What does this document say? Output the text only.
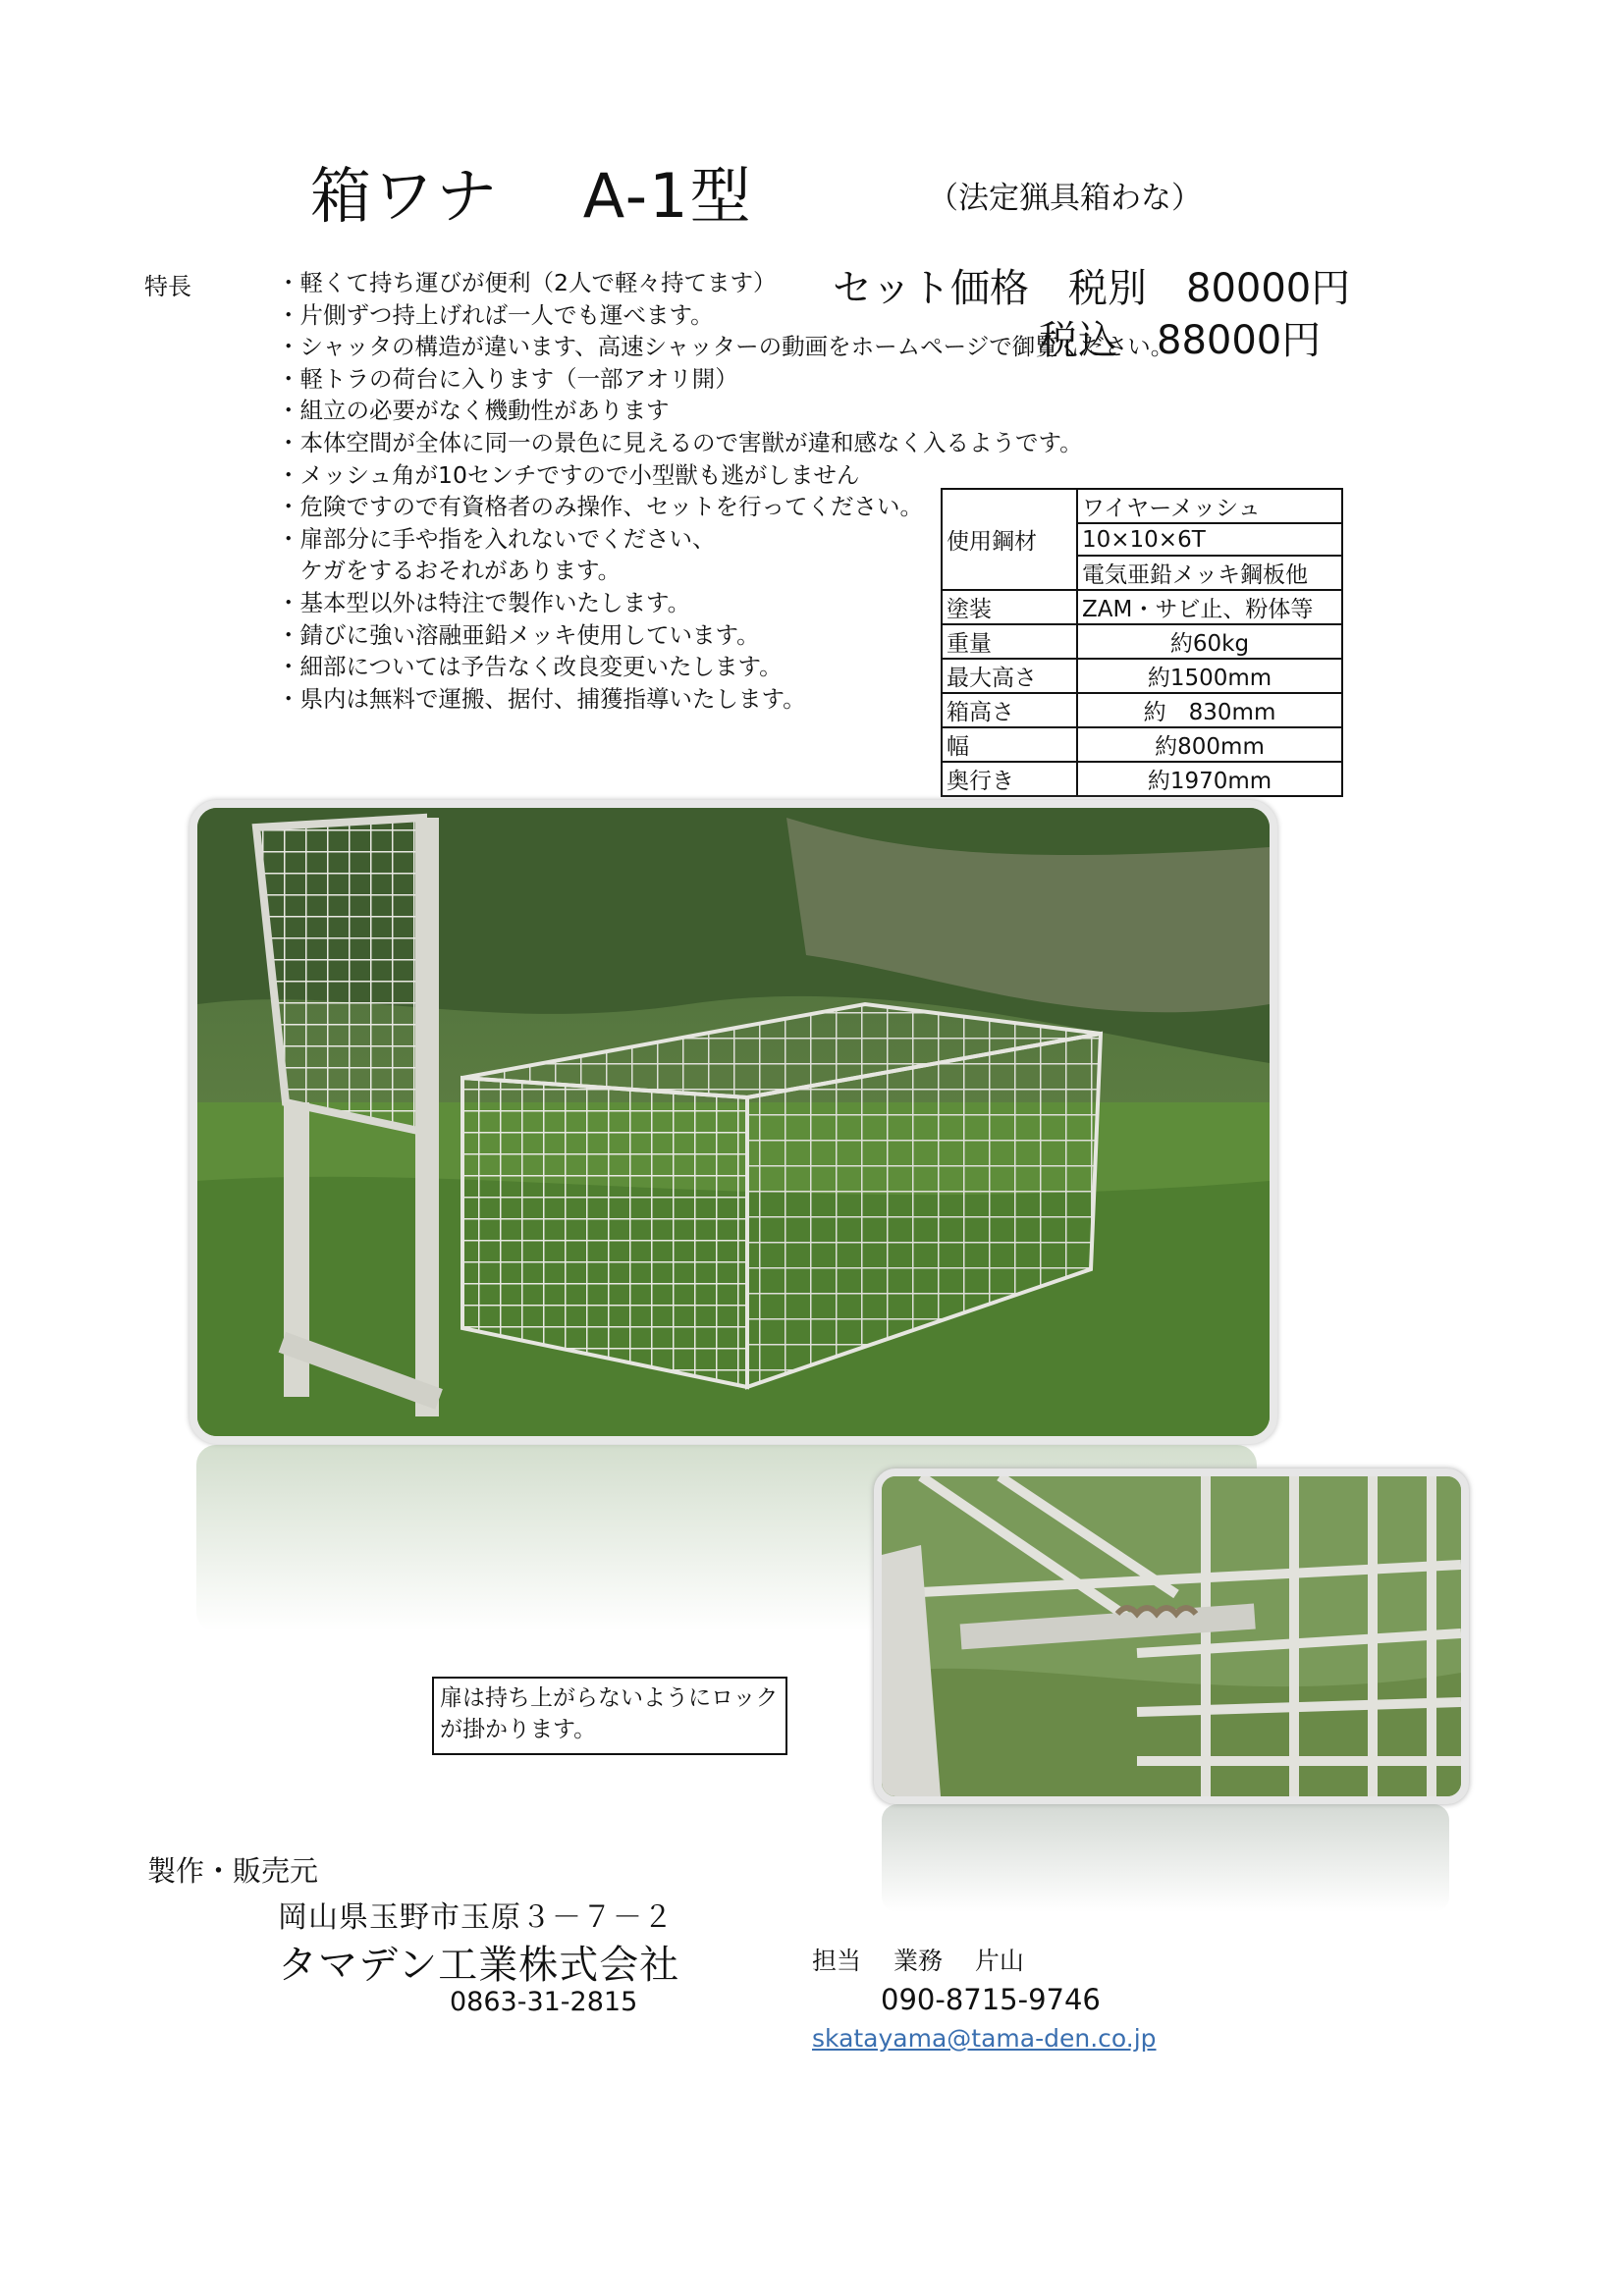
箱ワナ　 A-1型	（法定猟具箱わな）
特長	・軽くて持ち運びが便利（2人で軽々持てます）
・片側ずつ持上げれば一人でも運べます。
・シャッタの構造が違います、高速シャッターの動画をホームページで御覧ください。
・軽トラの荷台に入ります（一部アオリ開）
・組立の必要がなく機動性があります
・本体空間が全体に同一の景色に見えるので害獣が違和感なく入るようです。
・メッシュ角が10センチですので小型獣も逃がしません
・危険ですので有資格者のみ操作、セットを行ってください。
・扉部分に手や指を入れないでください、
　ケガをするおそれがあります。
・基本型以外は特注で製作いたします。
・錆びに強い溶融亜鉛メッキ使用しています。
・細部については予告なく改良変更いたします。
・県内は無料で運搬、据付、捕獲指導いたします。
セット価格　税別　80000円
税込　88000円
	ワイヤーメッシュ
使用鋼材	10×10×6T
	電気亜鉛メッキ鋼板他
塗装	ZAM・サビ止、粉体等
重量	約60kg
最大高さ	約1500mm
箱高さ	約　830mm
幅	約800mm
奥行き	約1970mm
扉は持ち上がらないようにロックが掛かります。
製作・販売元
岡山県玉野市玉原３－７－２
タマデン工業株式会社
0863-31-2815
担当　 業務　 片山
090-8715-9746
skatayama@tama-den.co.jp
